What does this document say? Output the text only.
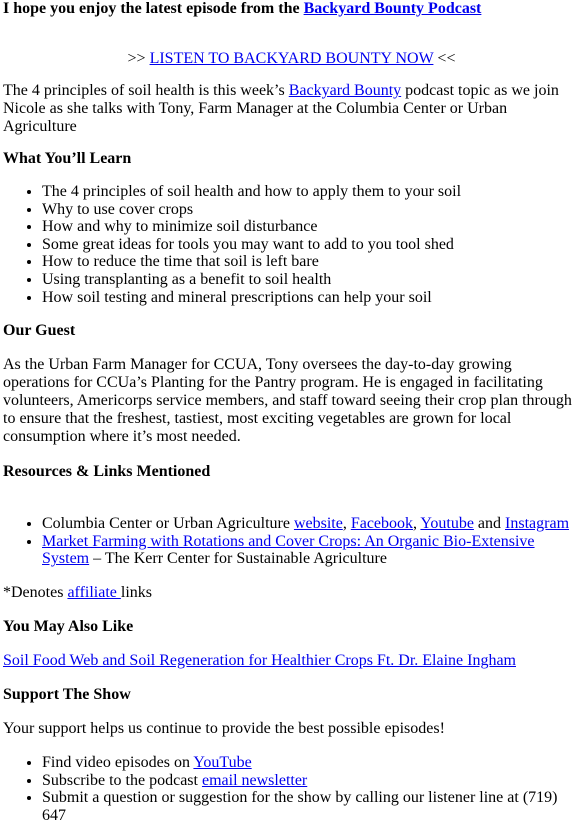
I hope you enjoy the latest episode from the Backyard Bounty Podcast

>> LISTEN TO BACKYARD BOUNTY NOW <<

The 4 principles of soil health is this week’s Backyard Bounty podcast topic as we join Nicole as she talks with Tony, Farm Manager at the Columbia Center or Urban Agriculture

What You’ll Learn
• The 4 principles of soil health and how to apply them to your soil
• Why to use cover crops
• How and why to minimize soil disturbance
• Some great ideas for tools you may want to add to you tool shed
• How to reduce the time that soil is left bare
• Using transplanting as a benefit to soil health
• How soil testing and mineral prescriptions can help your soil
Our Guest

As the Urban Farm Manager for CCUA, Tony oversees the day-to-day growing operations for CCUa’s Planting for the Pantry program. He is engaged in facilitating volunteers, Americorps service members, and staff toward seeing their crop plan through to ensure that the freshest, tastiest, most exciting vegetables are grown for local consumption where it’s most needed.

Resources & Links Mentioned
• Columbia Center or Urban Agriculture website, Facebook, Youtube and Instagram
• Market Farming with Rotations and Cover Crops: An Organic Bio-Extensive System – The Kerr Center for Sustainable Agriculture

*Denotes affiliate links

You May Also Like

Soil Food Web and Soil Regeneration for Healthier Crops Ft. Dr. Elaine Ingham

Support The Show

Your support helps us continue to provide the best possible episodes!

• Find video episodes on YouTube
• Subscribe to the podcast email newsletter
• Submit a question or suggestion for the show by calling our listener line at (719) 647
